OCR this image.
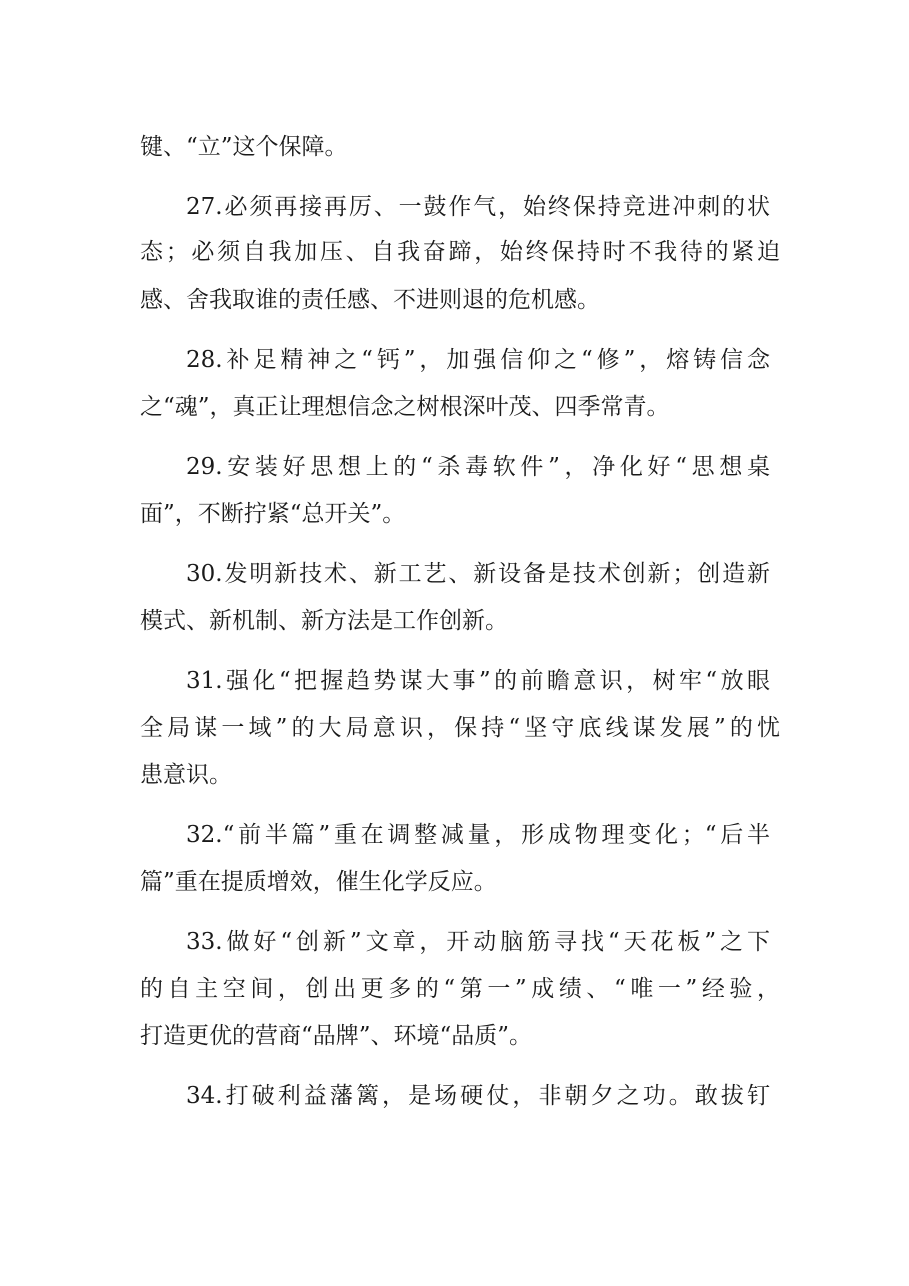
键、“立”这个保障。

27.必须再接再厉、一鼓作气，始终保持竞进冲刺的状

态；必须自我加压、自我奋蹄，始终保持时不我待的紧迫

感、舍我取谁的责任感、不进则退的危机感。

28.补足精神之“钙”，加强信仰之“修”，熔铸信念

之“魂”，真正让理想信念之树根深叶茂、四季常青。

29.安装好思想上的“杀毒软件”，净化好“思想桌

面”，不断拧紧“总开关”。

30.发明新技术、新工艺、新设备是技术创新；创造新

模式、新机制、新方法是工作创新。

31.强化“把握趋势谋大事”的前瞻意识，树牢“放眼

全局谋一域”的大局意识，保持“坚守底线谋发展”的忧

患意识。

32.“前半篇”重在调整减量，形成物理变化；“后半

篇”重在提质增效，催生化学反应。

33.做好“创新”文章，开动脑筋寻找“天花板”之下

的自主空间，创出更多的“第一”成绩、“唯一”经验，

打造更优的营商“品牌”、环境“品质”。

34.打破利益藩篱，是场硬仗，非朝夕之功。敢拔钉
